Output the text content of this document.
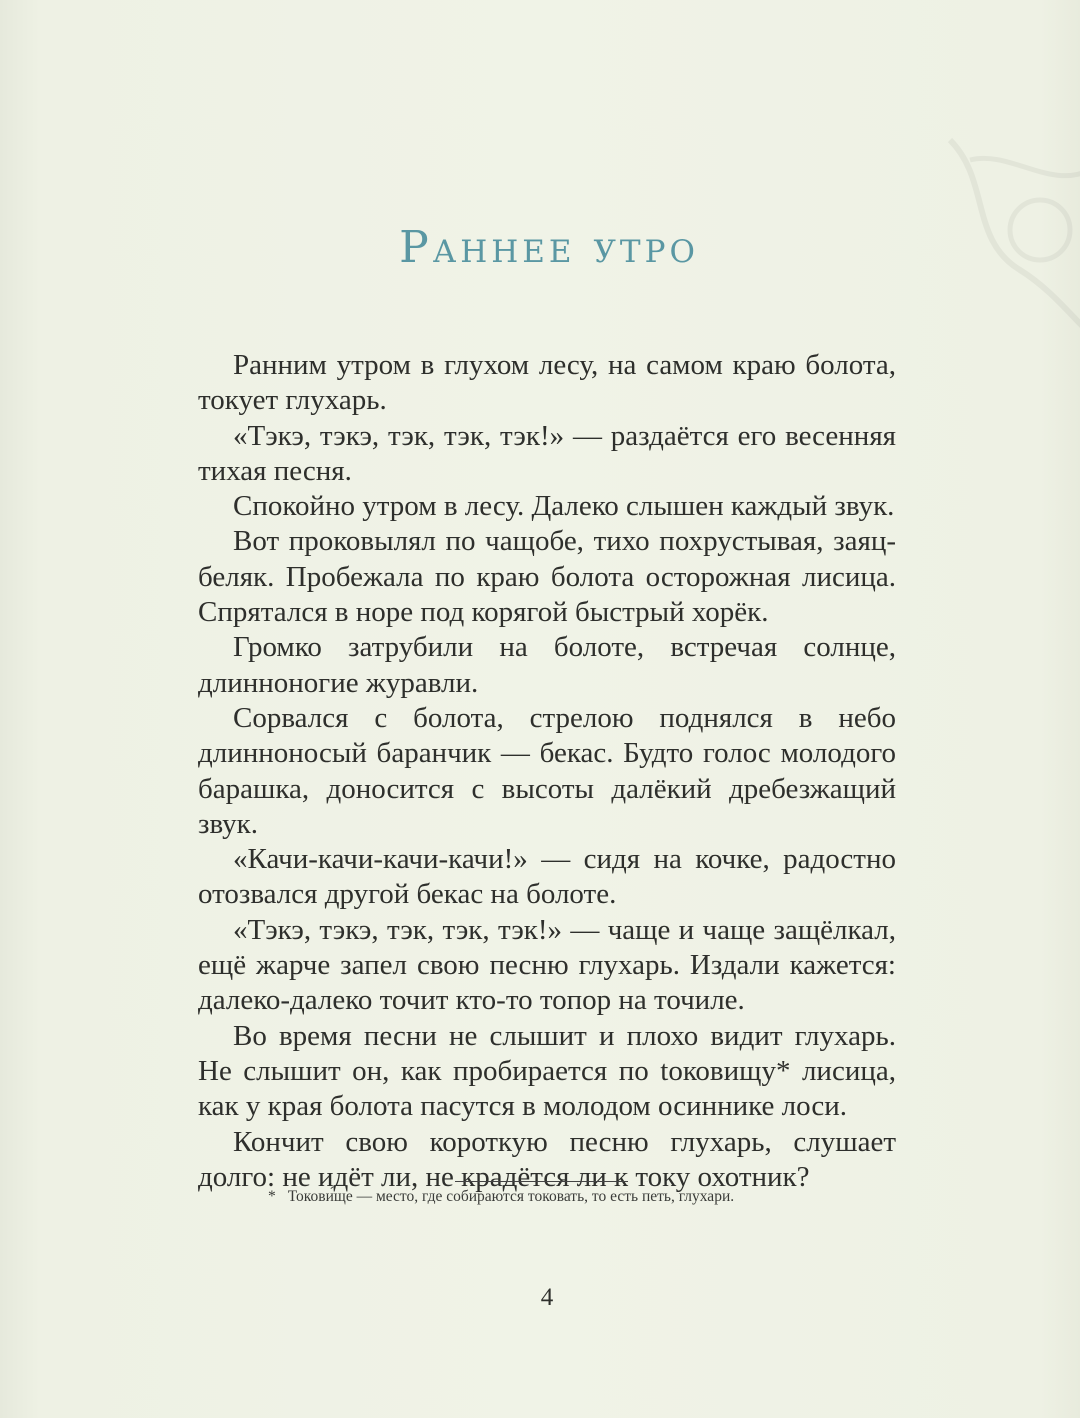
Раннее утро

Ранним утром в глухом лесу, на самом краю болота, токует глухарь.

«Тэкэ, тэкэ, тэк, тэк, тэк!» — раздаётся его весенняя тихая песня.

Спокойно утром в лесу. Далеко слышен каждый звук.

Вот проковылял по чащобе, тихо похрустывая, заяц-беляк. Пробежала по краю болота осторожная лисица. Спрятался в норе под корягой быстрый хорёк.

Громко затрубили на болоте, встречая солнце, длинноногие журавли.

Сорвался с болота, стрелою поднялся в небо длинноносый баранчик — бекас. Будто голос молодого барашка, доносится с высоты далёкий дребезжащий звук.

«Качи-качи-качи-качи!» — сидя на кочке, радостно отозвался другой бекас на болоте.

«Тэкэ, тэкэ, тэк, тэк, тэк!» — чаще и чаще защёлкал, ещё жарче запел свою песню глухарь. Издали кажется: далеко-далеко точит кто-то топор на точиле.

Во время песни не слышит и плохо видит глухарь. Не слышит он, как пробирается по toковищу* лисица, как у края болота пасутся в молодом осиннике лоси.

Кончит свою короткую песню глухарь, слушает долго: не идёт ли, не крадётся ли к току охотник?

* Токови́ще — место, где собираются токовать, то есть петь, глухари.
4
